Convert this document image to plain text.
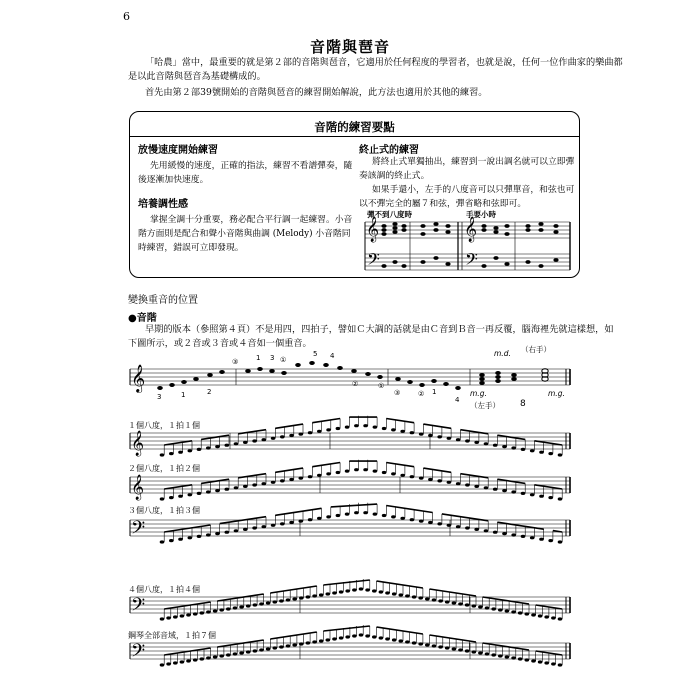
6
音階與琶音
「哈農」當中，最重要的就是第２部的音階與琶音，它適用於任何程度的學習者，也就是說，任何一位作曲家的樂曲都
是以此音階與琶音為基礎構成的。
首先由第２部39號開始的音階與琶音的練習開始解說，此方法也適用於其他的練習。
音階的練習要點
放慢速度開始練習
先用緩慢的速度，正確的指法，練習不看譜彈奏，隨
後逐漸加快速度。
培養調性感
掌握全調十分重要，務必配合平行調一起練習。小音
階方面則是配合和聲小音階與曲調 (Melody) 小音階同
時練習，錯誤可立即發現。
終止式的練習
將終止式單獨抽出，練習到一說出調名就可以立即彈
奏該調的終止式。
如果手還小，左手的八度音可以只彈單音，和弦也可
以不彈完全的屬７和弦，彈省略和弦即可。
彈不到八度時	手要小時
𝄞
𝄢
𝄞
𝄢
變換重音的位置
●音階
早期的版本（參照第４頁）不是用四，四拍子，譬如Ｃ大調的話就是由Ｃ音到Ｂ音一再反覆，腦海裡先就這樣想，如
下圖所示，或２音或３音或４音如一個重音。
𝄞
3	1	2
③	1 3 ①
5 4
②	①
③	② 1
4
m.d. （右手）
m.g.
（左手） 8
m.g.
１個八度，１拍１個
２個八度，１拍２個
３個八度，１拍３個
４個八度，１拍４個
鋼琴全部音域，１拍７個
𝄞
𝄞
𝄢
𝄢
𝄢
